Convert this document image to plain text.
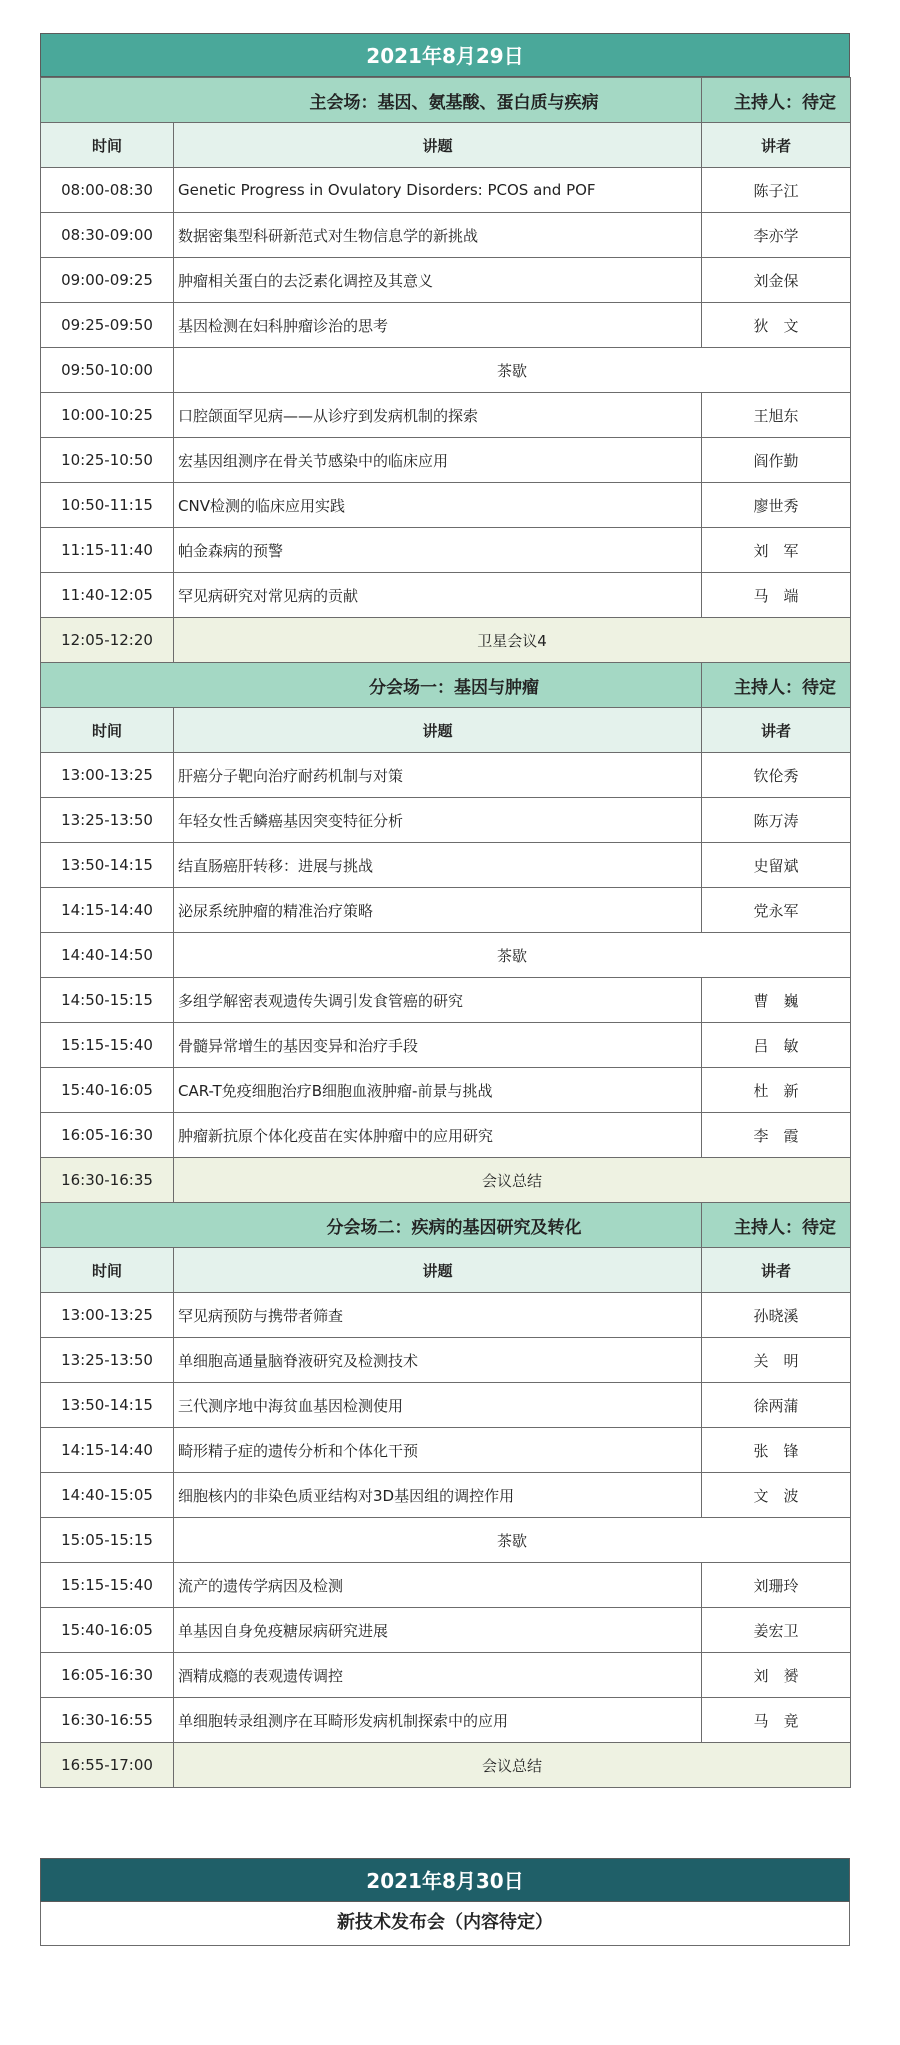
2021年8月29日
主会场：基因、氨基酸、蛋白质与疾病		主持人：待定
时间	讲题	讲者
08:00-08:30	Genetic Progress in Ovulatory Disorders: PCOS and POF	陈子江
08:30-09:00	数据密集型科研新范式对生物信息学的新挑战	李亦学
09:00-09:25	肿瘤相关蛋白的去泛素化调控及其意义	刘金保
09:25-09:50	基因检测在妇科肿瘤诊治的思考	狄　文
09:50-10:00	茶歇	
10:00-10:25	口腔颌面罕见病——从诊疗到发病机制的探索	王旭东
10:25-10:50	宏基因组测序在骨关节感染中的临床应用	阎作勤
10:50-11:15	CNV检测的临床应用实践	廖世秀
11:15-11:40	帕金森病的预警	刘　军
11:40-12:05	罕见病研究对常见病的贡献	马　端
12:05-12:20	卫星会议4	
分会场一：基因与肿瘤		主持人：待定
时间	讲题	讲者
13:00-13:25	肝癌分子靶向治疗耐药机制与对策	钦伦秀
13:25-13:50	年轻女性舌鳞癌基因突变特征分析	陈万涛
13:50-14:15	结直肠癌肝转移：进展与挑战	史留斌
14:15-14:40	泌尿系统肿瘤的精准治疗策略	党永军
14:40-14:50	茶歇	
14:50-15:15	多组学解密表观遗传失调引发食管癌的研究	曹　巍
15:15-15:40	骨髓异常增生的基因变异和治疗手段	吕　敏
15:40-16:05	CAR-T免疫细胞治疗B细胞血液肿瘤-前景与挑战	杜　新
16:05-16:30	肿瘤新抗原个体化疫苗在实体肿瘤中的应用研究	李　霞
16:30-16:35	会议总结	
分会场二：疾病的基因研究及转化		主持人：待定
时间	讲题	讲者
13:00-13:25	罕见病预防与携带者筛查	孙晓溪
13:25-13:50	单细胞高通量脑脊液研究及检测技术	关　明
13:50-14:15	三代测序地中海贫血基因检测使用	徐两蒲
14:15-14:40	畸形精子症的遗传分析和个体化干预	张　锋
14:40-15:05	细胞核内的非染色质亚结构对3D基因组的调控作用	文　波
15:05-15:15	茶歇	
15:15-15:40	流产的遗传学病因及检测	刘珊玲
15:40-16:05	单基因自身免疫糖尿病研究进展	姜宏卫
16:05-16:30	酒精成瘾的表观遗传调控	刘　赟
16:30-16:55	单细胞转录组测序在耳畸形发病机制探索中的应用	马　竟
16:55-17:00	会议总结	
2021年8月30日
新技术发布会（内容待定）
